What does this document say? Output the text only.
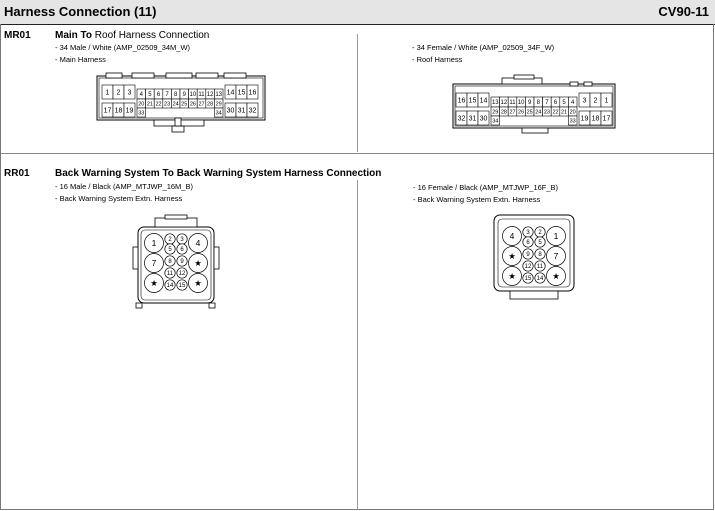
Harness Connection (11)	CV90-11
MR01 Main To Roof Harness Connection
- 34 Male / White (AMP_02509_34M_W)
- Main Harness
- 34 Female / White (AMP_02509_34F_W)
- Roof Harness
RR01	Back Warning System To Back Warning System Harness Connection
- 16 Male / Black (AMP_MTJWP_16M_B)
- Back Warning System Extn. Harness
- 16 Female / Black (AMP_MTJWP_16F_B)
- Back Warning System Extn. Harness
1
17
2
18
3
19
4
20
5
21
6
22
7
23
8
24
9
25
10
26
11
27
12
28
13
29
33	34
14
30
15
31
16
32
16
32
15
31
14
30
13
29
12
28
11
27
10
26
9
25
8
24
7
23
6
22
5
21
4
20
34	33
3
19
2
18
1
17
1	4
7	★
★	★
2 3
5 6
8 9
11 12
14 15
4	1
★	7
★	★
3 2
6 5
9 8
12 11
15 14
